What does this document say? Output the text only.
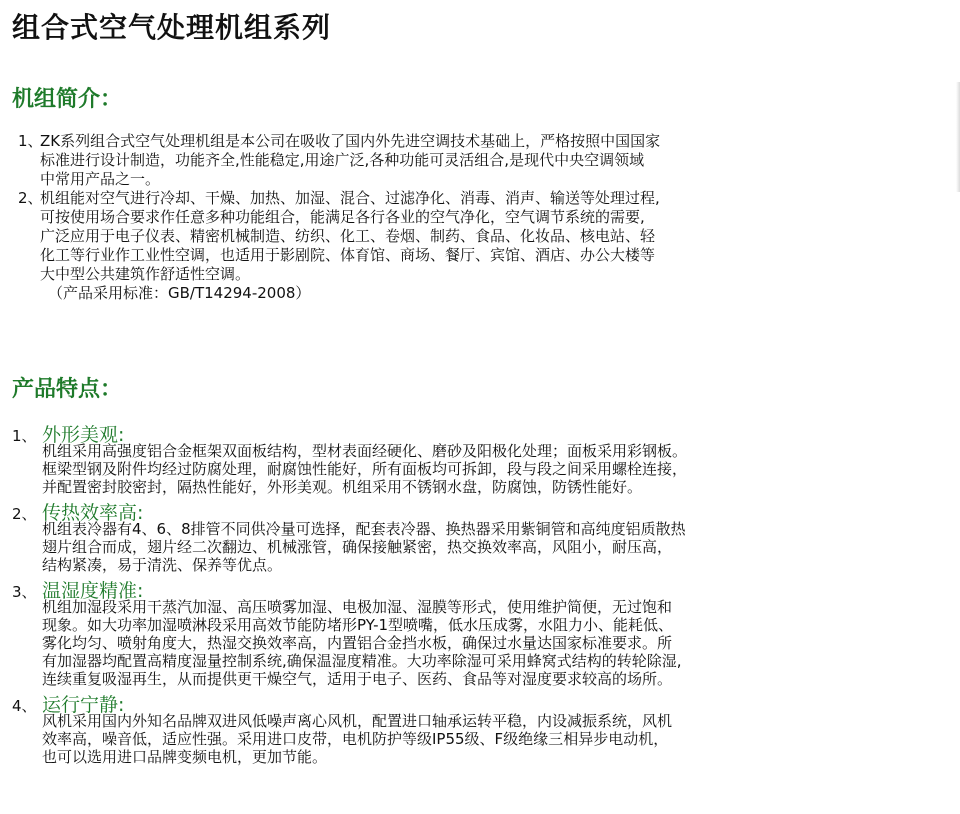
组合式空气处理机组系列
机组简介：
1、
ZK系列组合式空气处理机组是本公司在吸收了国内外先进空调技术基础上，严格按照中国国家
标准进行设计制造，功能齐全,性能稳定,用途广泛,各种功能可灵活组合,是现代中央空调领域
中常用产品之一。
2、
机组能对空气进行冷却、干燥、加热、加湿、混合、过滤净化、消毒、消声、输送等处理过程,
可按使用场合要求作任意多种功能组合，能满足各行各业的空气净化，空气调节系统的需要,
广泛应用于电子仪表、精密机械制造、纺织、化工、卷烟、制药、食品、化妆品、核电站、轻
化工等行业作工业性空调，也适用于影剧院、体育馆、商场、餐厅、宾馆、酒店、办公大楼等
大中型公共建筑作舒适性空调。
（产品采用标准：GB/T14294-2008）
产品特点：
1、 外形美观:
机组采用高强度铝合金框架双面板结构，型材表面经硬化、磨砂及阳极化处理；面板采用彩钢板。
框梁型钢及附件均经过防腐处理，耐腐蚀性能好，所有面板均可拆卸，段与段之间采用螺栓连接，
并配置密封胶密封，隔热性能好，外形美观。机组采用不锈钢水盘，防腐蚀，防锈性能好。
2、 传热效率高:
机组表冷器有4、6、8排管不同供冷量可选择，配套表冷器、换热器采用紫铜管和高纯度铝质散热
翅片组合而成，翅片经二次翻边、机械涨管，确保接触紧密，热交换效率高，风阻小，耐压高，
结构紧凑，易于清洗、保养等优点。
3、 温湿度精准:
机组加湿段采用干蒸汽加湿、高压喷雾加湿、电极加湿、湿膜等形式，使用维护简便，无过饱和
现象。如大功率加湿喷淋段采用高效节能防堵形PY-1型喷嘴，低水压成雾，水阻力小、能耗低、
雾化均匀、喷射角度大，热湿交换效率高，内置铝合金挡水板，确保过水量达国家标准要求。所
有加湿器均配置高精度湿量控制系统,确保温湿度精准。大功率除湿可采用蜂窝式结构的转轮除湿,
连续重复吸湿再生，从而提供更干燥空气，适用于电子、医药、食品等对湿度要求较高的场所。
4、 运行宁静:
风机采用国内外知名品牌双进风低噪声离心风机，配置进口轴承运转平稳，内设减振系统，风机
效率高，噪音低，适应性强。采用进口皮带，电机防护等级IP55级、F级绝缘三相异步电动机，
也可以选用进口品牌变频电机，更加节能。
